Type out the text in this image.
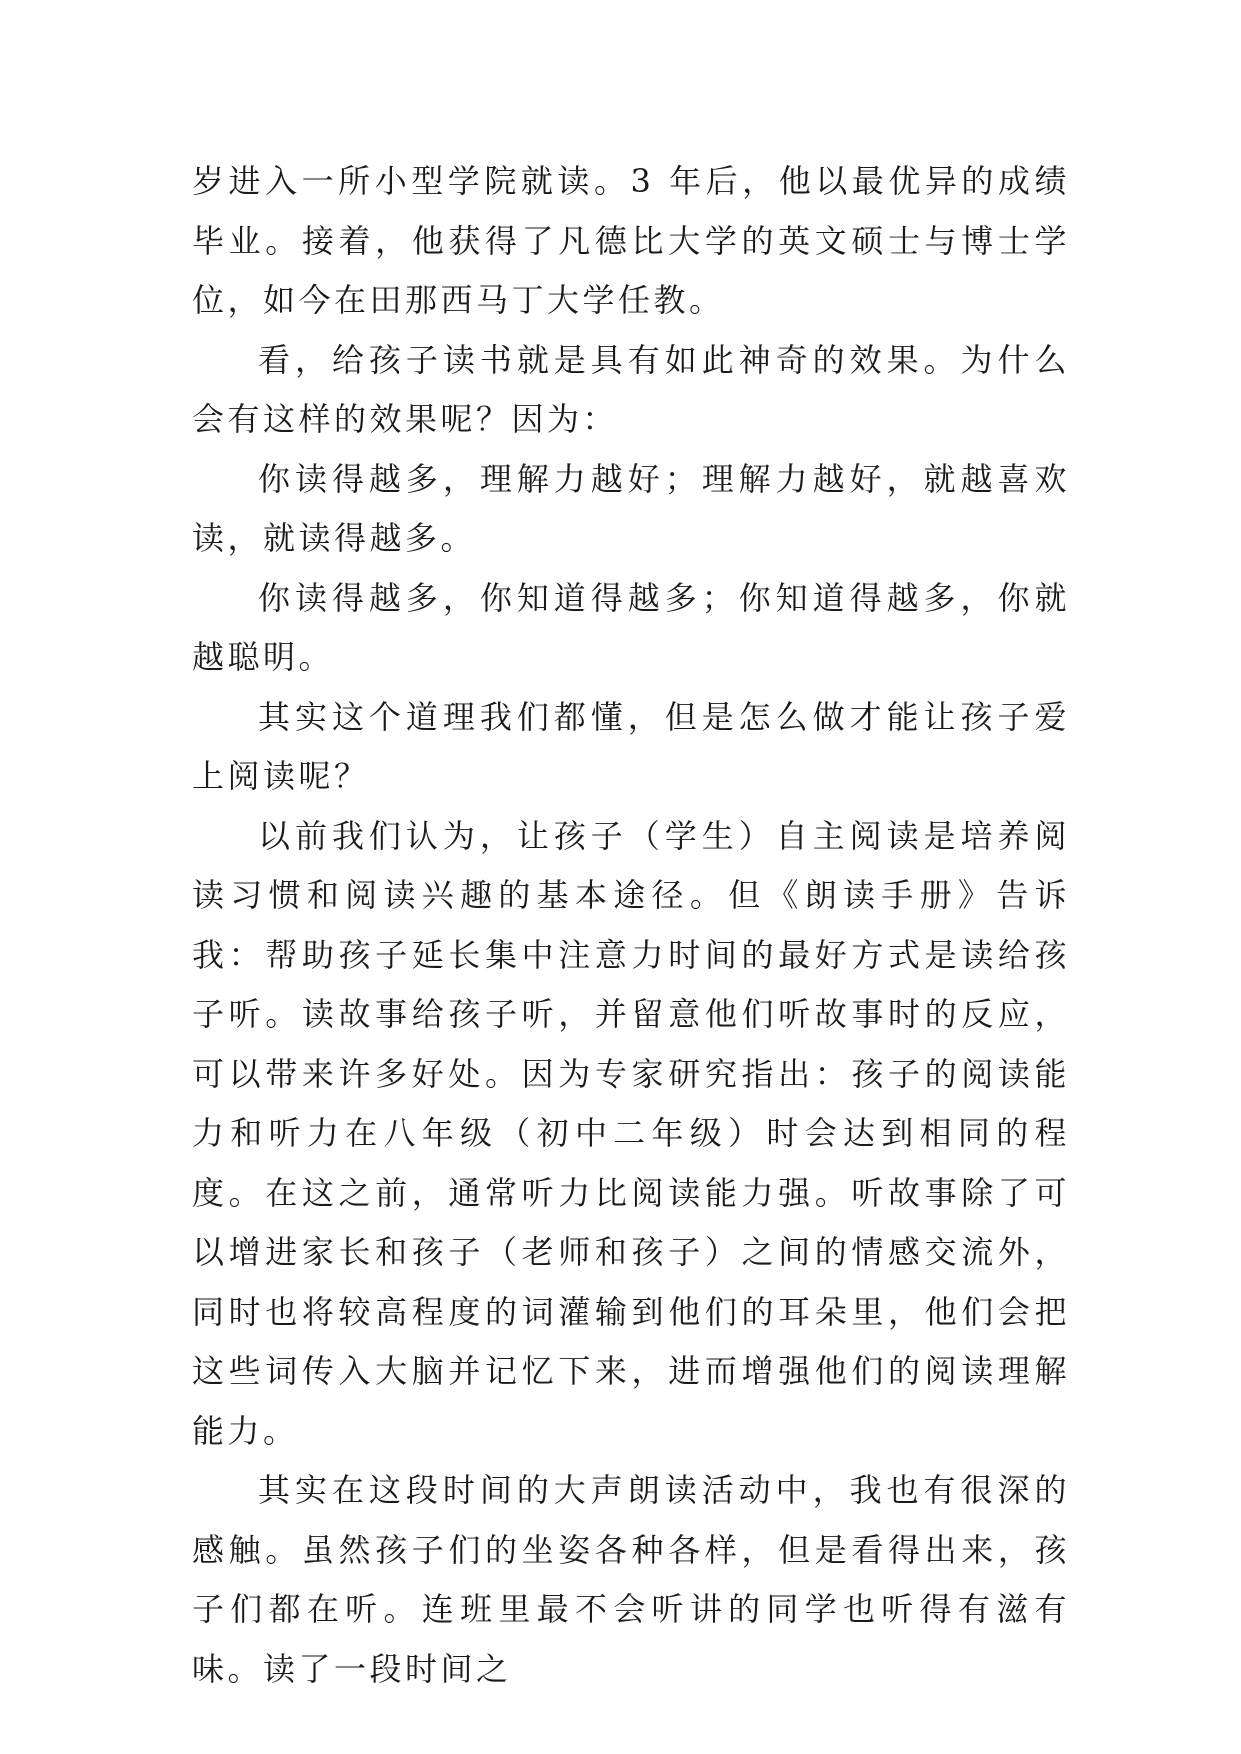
岁进入一所小型学院就读。3 年后，他以最优异的成绩毕业。接着，他获得了凡德比大学的英文硕士与博士学位，如今在田那西马丁大学任教。

看，给孩子读书就是具有如此神奇的效果。为什么会有这样的效果呢？因为：

你读得越多，理解力越好；理解力越好，就越喜欢读，就读得越多。

你读得越多，你知道得越多；你知道得越多，你就越聪明。

其实这个道理我们都懂，但是怎么做才能让孩子爱上阅读呢？

以前我们认为，让孩子（学生）自主阅读是培养阅读习惯和阅读兴趣的基本途径。但《朗读手册》告诉我：帮助孩子延长集中注意力时间的最好方式是读给孩子听。读故事给孩子听，并留意他们听故事时的反应，可以带来许多好处。因为专家研究指出：孩子的阅读能力和听力在八年级（初中二年级）时会达到相同的程度。在这之前，通常听力比阅读能力强。听故事除了可以增进家长和孩子（老师和孩子）之间的情感交流外，同时也将较高程度的词灌输到他们的耳朵里，他们会把这些词传入大脑并记忆下来，进而增强他们的阅读理解能力。

其实在这段时间的大声朗读活动中，我也有很深的感触。虽然孩子们的坐姿各种各样，但是看得出来，孩子们都在听。连班里最不会听讲的同学也听得有滋有味。读了一段时间之
